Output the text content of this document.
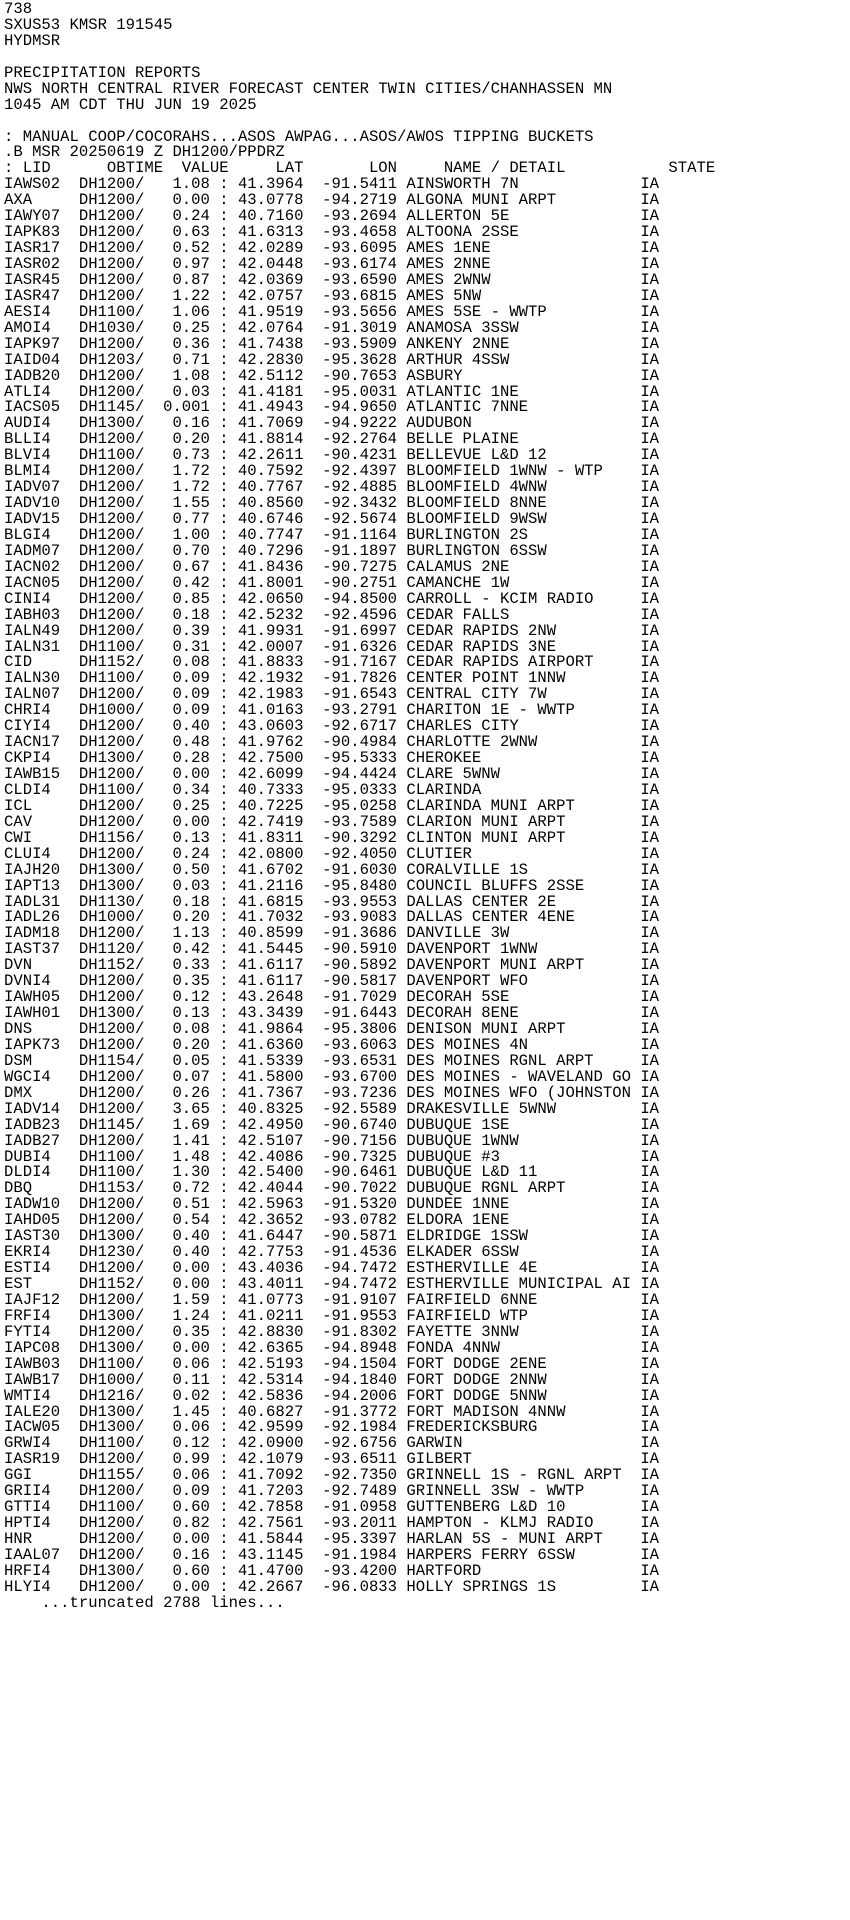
738
SXUS53 KMSR 191545
HYDMSR
PRECIPITATION REPORTS
NWS NORTH CENTRAL RIVER FORECAST CENTER TWIN CITIES/CHANHASSEN MN
1045 AM CDT THU JUN 19 2025
: MANUAL COOP/COCORAHS...ASOS AWPAG...ASOS/AWOS TIPPING BUCKETS
.B MSR 20250619 Z DH1200/PPDRZ
: LID      OBTIME  VALUE     LAT       LON     NAME / DETAIL           STATE
IAWS02  DH1200/   1.08 : 41.3964  -91.5411 AINSWORTH 7N             IA
AXA     DH1200/   0.00 : 43.0778  -94.2719 ALGONA MUNI ARPT         IA
IAWY07  DH1200/   0.24 : 40.7160  -93.2694 ALLERTON 5E              IA
IAPK83  DH1200/   0.63 : 41.6313  -93.4658 ALTOONA 2SSE             IA
IASR17  DH1200/   0.52 : 42.0289  -93.6095 AMES 1ENE                IA
IASR02  DH1200/   0.97 : 42.0448  -93.6174 AMES 2NNE                IA
IASR45  DH1200/   0.87 : 42.0369  -93.6590 AMES 2WNW                IA
IASR47  DH1200/   1.22 : 42.0757  -93.6815 AMES 5NW                 IA
AESI4   DH1100/   1.06 : 41.9519  -93.5656 AMES 5SE - WWTP          IA
AMOI4   DH1030/   0.25 : 42.0764  -91.3019 ANAMOSA 3SSW             IA
IAPK97  DH1200/   0.36 : 41.7438  -93.5909 ANKENY 2NNE              IA
IAID04  DH1203/   0.71 : 42.2830  -95.3628 ARTHUR 4SSW              IA
IADB20  DH1200/   1.08 : 42.5112  -90.7653 ASBURY                   IA
ATLI4   DH1200/   0.03 : 41.4181  -95.0031 ATLANTIC 1NE             IA
IACS05  DH1145/  0.001 : 41.4943  -94.9650 ATLANTIC 7NNE            IA
AUDI4   DH1300/   0.16 : 41.7069  -94.9222 AUDUBON                  IA
BLLI4   DH1200/   0.20 : 41.8814  -92.2764 BELLE PLAINE             IA
BLVI4   DH1100/   0.73 : 42.2611  -90.4231 BELLEVUE L&D 12          IA
BLMI4   DH1200/   1.72 : 40.7592  -92.4397 BLOOMFIELD 1WNW - WTP    IA
IADV07  DH1200/   1.72 : 40.7767  -92.4885 BLOOMFIELD 4WNW          IA
IADV10  DH1200/   1.55 : 40.8560  -92.3432 BLOOMFIELD 8NNE          IA
IADV15  DH1200/   0.77 : 40.6746  -92.5674 BLOOMFIELD 9WSW          IA
BLGI4   DH1200/   1.00 : 40.7747  -91.1164 BURLINGTON 2S            IA
IADM07  DH1200/   0.70 : 40.7296  -91.1897 BURLINGTON 6SSW          IA
IACN02  DH1200/   0.67 : 41.8436  -90.7275 CALAMUS 2NE              IA
IACN05  DH1200/   0.42 : 41.8001  -90.2751 CAMANCHE 1W              IA
CINI4   DH1200/   0.85 : 42.0650  -94.8500 CARROLL - KCIM RADIO     IA
IABH03  DH1200/   0.18 : 42.5232  -92.4596 CEDAR FALLS              IA
IALN49  DH1200/   0.39 : 41.9931  -91.6997 CEDAR RAPIDS 2NW         IA
IALN31  DH1100/   0.31 : 42.0007  -91.6326 CEDAR RAPIDS 3NE         IA
CID     DH1152/   0.08 : 41.8833  -91.7167 CEDAR RAPIDS AIRPORT     IA
IALN30  DH1100/   0.09 : 42.1932  -91.7826 CENTER POINT 1NNW        IA
IALN07  DH1200/   0.09 : 42.1983  -91.6543 CENTRAL CITY 7W          IA
CHRI4   DH1000/   0.09 : 41.0163  -93.2791 CHARITON 1E - WWTP       IA
CIYI4   DH1200/   0.40 : 43.0603  -92.6717 CHARLES CITY             IA
IACN17  DH1200/   0.48 : 41.9762  -90.4984 CHARLOTTE 2WNW           IA
CKPI4   DH1300/   0.28 : 42.7500  -95.5333 CHEROKEE                 IA
IAWB15  DH1200/   0.00 : 42.6099  -94.4424 CLARE 5WNW               IA
CLDI4   DH1100/   0.34 : 40.7333  -95.0333 CLARINDA                 IA
ICL     DH1200/   0.25 : 40.7225  -95.0258 CLARINDA MUNI ARPT       IA
CAV     DH1200/   0.00 : 42.7419  -93.7589 CLARION MUNI ARPT        IA
CWI     DH1156/   0.13 : 41.8311  -90.3292 CLINTON MUNI ARPT        IA
CLUI4   DH1200/   0.24 : 42.0800  -92.4050 CLUTIER                  IA
IAJH20  DH1300/   0.50 : 41.6702  -91.6030 CORALVILLE 1S            IA
IAPT13  DH1300/   0.03 : 41.2116  -95.8480 COUNCIL BLUFFS 2SSE      IA
IADL31  DH1130/   0.18 : 41.6815  -93.9553 DALLAS CENTER 2E         IA
IADL26  DH1000/   0.20 : 41.7032  -93.9083 DALLAS CENTER 4ENE       IA
IADM18  DH1200/   1.13 : 40.8599  -91.3686 DANVILLE 3W              IA
IAST37  DH1120/   0.42 : 41.5445  -90.5910 DAVENPORT 1WNW           IA
DVN     DH1152/   0.33 : 41.6117  -90.5892 DAVENPORT MUNI ARPT      IA
DVNI4   DH1200/   0.35 : 41.6117  -90.5817 DAVENPORT WFO            IA
IAWH05  DH1200/   0.12 : 43.2648  -91.7029 DECORAH 5SE              IA
IAWH01  DH1300/   0.13 : 43.3439  -91.6443 DECORAH 8ENE             IA
DNS     DH1200/   0.08 : 41.9864  -95.3806 DENISON MUNI ARPT        IA
IAPK73  DH1200/   0.20 : 41.6360  -93.6063 DES MOINES 4N            IA
DSM     DH1154/   0.05 : 41.5339  -93.6531 DES MOINES RGNL ARPT     IA
WGCI4   DH1200/   0.07 : 41.5800  -93.6700 DES MOINES - WAVELAND GO IA
DMX     DH1200/   0.26 : 41.7367  -93.7236 DES MOINES WFO (JOHNSTON IA
IADV14  DH1200/   3.65 : 40.8325  -92.5589 DRAKESVILLE 5WNW         IA
IADB23  DH1145/   1.69 : 42.4950  -90.6740 DUBUQUE 1SE              IA
IADB27  DH1200/   1.41 : 42.5107  -90.7156 DUBUQUE 1WNW             IA
DUBI4   DH1100/   1.48 : 42.4086  -90.7325 DUBUQUE #3               IA
DLDI4   DH1100/   1.30 : 42.5400  -90.6461 DUBUQUE L&D 11           IA
DBQ     DH1153/   0.72 : 42.4044  -90.7022 DUBUQUE RGNL ARPT        IA
IADW10  DH1200/   0.51 : 42.5963  -91.5320 DUNDEE 1NNE              IA
IAHD05  DH1200/   0.54 : 42.3652  -93.0782 ELDORA 1ENE              IA
IAST30  DH1300/   0.40 : 41.6447  -90.5871 ELDRIDGE 1SSW            IA
EKRI4   DH1230/   0.40 : 42.7753  -91.4536 ELKADER 6SSW             IA
ESTI4   DH1200/   0.00 : 43.4036  -94.7472 ESTHERVILLE 4E           IA
EST     DH1152/   0.00 : 43.4011  -94.7472 ESTHERVILLE MUNICIPAL AI IA
IAJF12  DH1200/   1.59 : 41.0773  -91.9107 FAIRFIELD 6NNE           IA
FRFI4   DH1300/   1.24 : 41.0211  -91.9553 FAIRFIELD WTP            IA
FYTI4   DH1200/   0.35 : 42.8830  -91.8302 FAYETTE 3NNW             IA
IAPC08  DH1300/   0.00 : 42.6365  -94.8948 FONDA 4NNW               IA
IAWB03  DH1100/   0.06 : 42.5193  -94.1504 FORT DODGE 2ENE          IA
IAWB17  DH1000/   0.11 : 42.5314  -94.1840 FORT DODGE 2NNW          IA
WMTI4   DH1216/   0.02 : 42.5836  -94.2006 FORT DODGE 5NNW          IA
IALE20  DH1300/   1.45 : 40.6827  -91.3772 FORT MADISON 4NNW        IA
IACW05  DH1300/   0.06 : 42.9599  -92.1984 FREDERICKSBURG           IA
GRWI4   DH1100/   0.12 : 42.0900  -92.6756 GARWIN                   IA
IASR19  DH1200/   0.99 : 42.1079  -93.6511 GILBERT                  IA
GGI     DH1155/   0.06 : 41.7092  -92.7350 GRINNELL 1S - RGNL ARPT  IA
GRII4   DH1200/   0.09 : 41.7203  -92.7489 GRINNELL 3SW - WWTP      IA
GTTI4   DH1100/   0.60 : 42.7858  -91.0958 GUTTENBERG L&D 10        IA
HPTI4   DH1200/   0.82 : 42.7561  -93.2011 HAMPTON - KLMJ RADIO     IA
HNR     DH1200/   0.00 : 41.5844  -95.3397 HARLAN 5S - MUNI ARPT    IA
IAAL07  DH1200/   0.16 : 43.1145  -91.1984 HARPERS FERRY 6SSW       IA
HRFI4   DH1300/   0.60 : 41.4700  -93.4200 HARTFORD                 IA
HLYI4   DH1200/   0.00 : 42.2667  -96.0833 HOLLY SPRINGS 1S         IA
...truncated 2788 lines...
